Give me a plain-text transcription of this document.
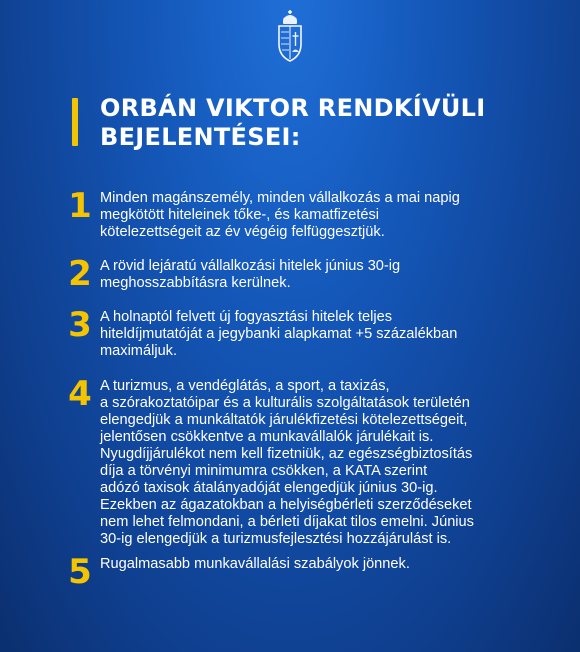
ORBÁN VIKTOR RENDKÍVÜLI
BEJELENTÉSEI:
1 Minden magánszemély, minden vállalkozás a mai napig
megkötött hiteleinek tőke-, és kamatfizetési
kötelezettségeit az év végéig felfüggesztjük.
2 A rövid lejáratú vállalkozási hitelek június 30-ig
meghosszabbításra kerülnek.
3 A holnaptól felvett új fogyasztási hitelek teljes
hiteldíjmutatóját a jegybanki alapkamat +5 százalékban
maximáljuk.
4 A turizmus, a vendéglátás, a sport, a taxizás,
a szórakoztatóipar és a kulturális szolgáltatások területén
elengedjük a munkáltatók járulékfizetési kötelezettségeit,
jelentősen csökkentve a munkavállalók járulékait is.
Nyugdíjjárulékot nem kell fizetniük, az egészségbiztosítás
díja a törvényi minimumra csökken, a KATA szerint
adózó taxisok átalányadóját elengedjük június 30-ig.
Ezekben az ágazatokban a helyiségbérleti szerződéseket
nem lehet felmondani, a bérleti díjakat tilos emelni. Június
30-ig elengedjük a turizmusfejlesztési hozzájárulást is.
5 Rugalmasabb munkavállalási szabályok jönnek.
